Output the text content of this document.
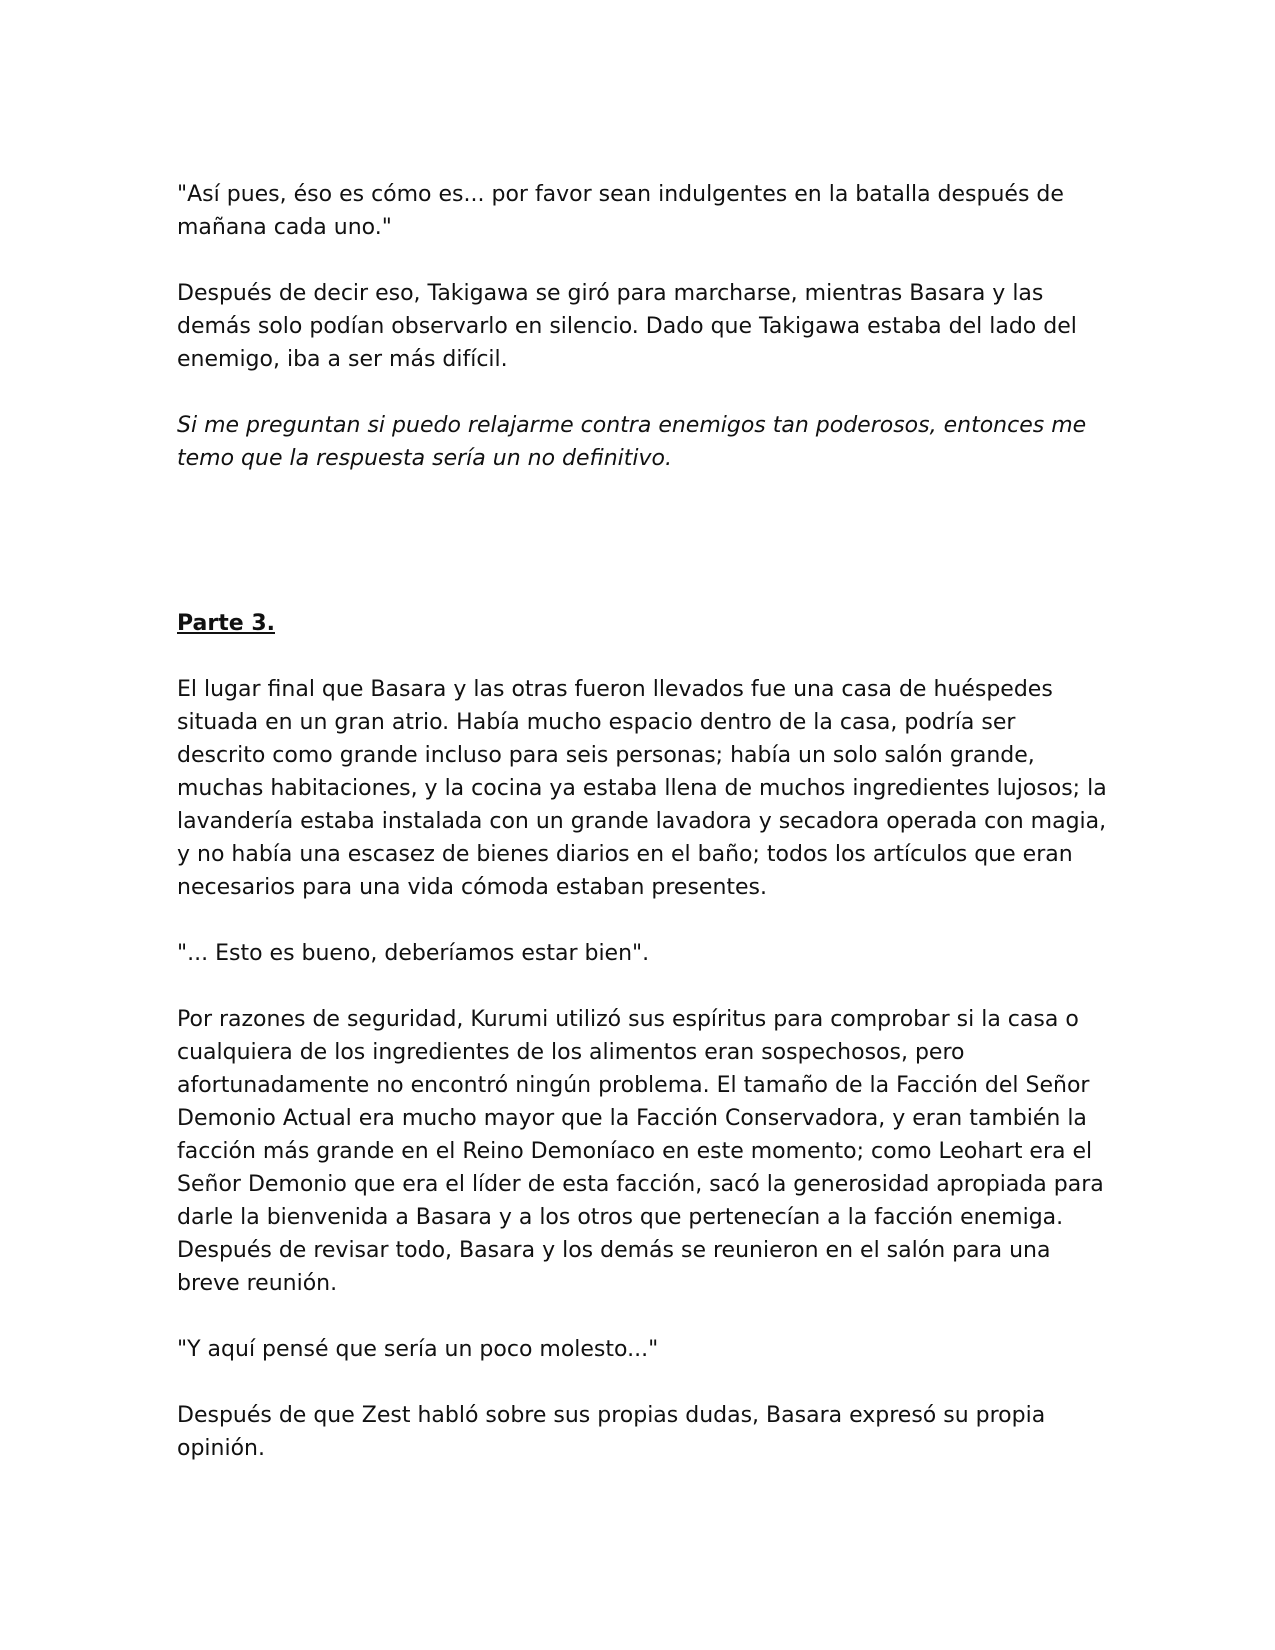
"Así pues, éso es cómo es... por favor sean indulgentes en la batalla después de mañana cada uno."

Después de decir eso, Takigawa se giró para marcharse, mientras Basara y las demás solo podían observarlo en silencio. Dado que Takigawa estaba del lado del enemigo, iba a ser más difícil.

Si me preguntan si puedo relajarme contra enemigos tan poderosos, entonces me temo que la respuesta sería un no definitivo.

Parte 3.

El lugar final que Basara y las otras fueron llevados fue una casa de huéspedes situada en un gran atrio. Había mucho espacio dentro de la casa, podría ser descrito como grande incluso para seis personas; había un solo salón grande, muchas habitaciones, y la cocina ya estaba llena de muchos ingredientes lujosos; la lavandería estaba instalada con un grande lavadora y secadora operada con magia, y no había una escasez de bienes diarios en el baño; todos los artículos que eran necesarios para una vida cómoda estaban presentes.

"... Esto es bueno, deberíamos estar bien".

Por razones de seguridad, Kurumi utilizó sus espíritus para comprobar si la casa o cualquiera de los ingredientes de los alimentos eran sospechosos, pero afortunadamente no encontró ningún problema. El tamaño de la Facción del Señor Demonio Actual era mucho mayor que la Facción Conservadora, y eran también la facción más grande en el Reino Demoníaco en este momento; como Leohart era el Señor Demonio que era el líder de esta facción, sacó la generosidad apropiada para darle la bienvenida a Basara y a los otros que pertenecían a la facción enemiga. Después de revisar todo, Basara y los demás se reunieron en el salón para una breve reunión.

"Y aquí pensé que sería un poco molesto..."

Después de que Zest habló sobre sus propias dudas, Basara expresó su propia opinión.
